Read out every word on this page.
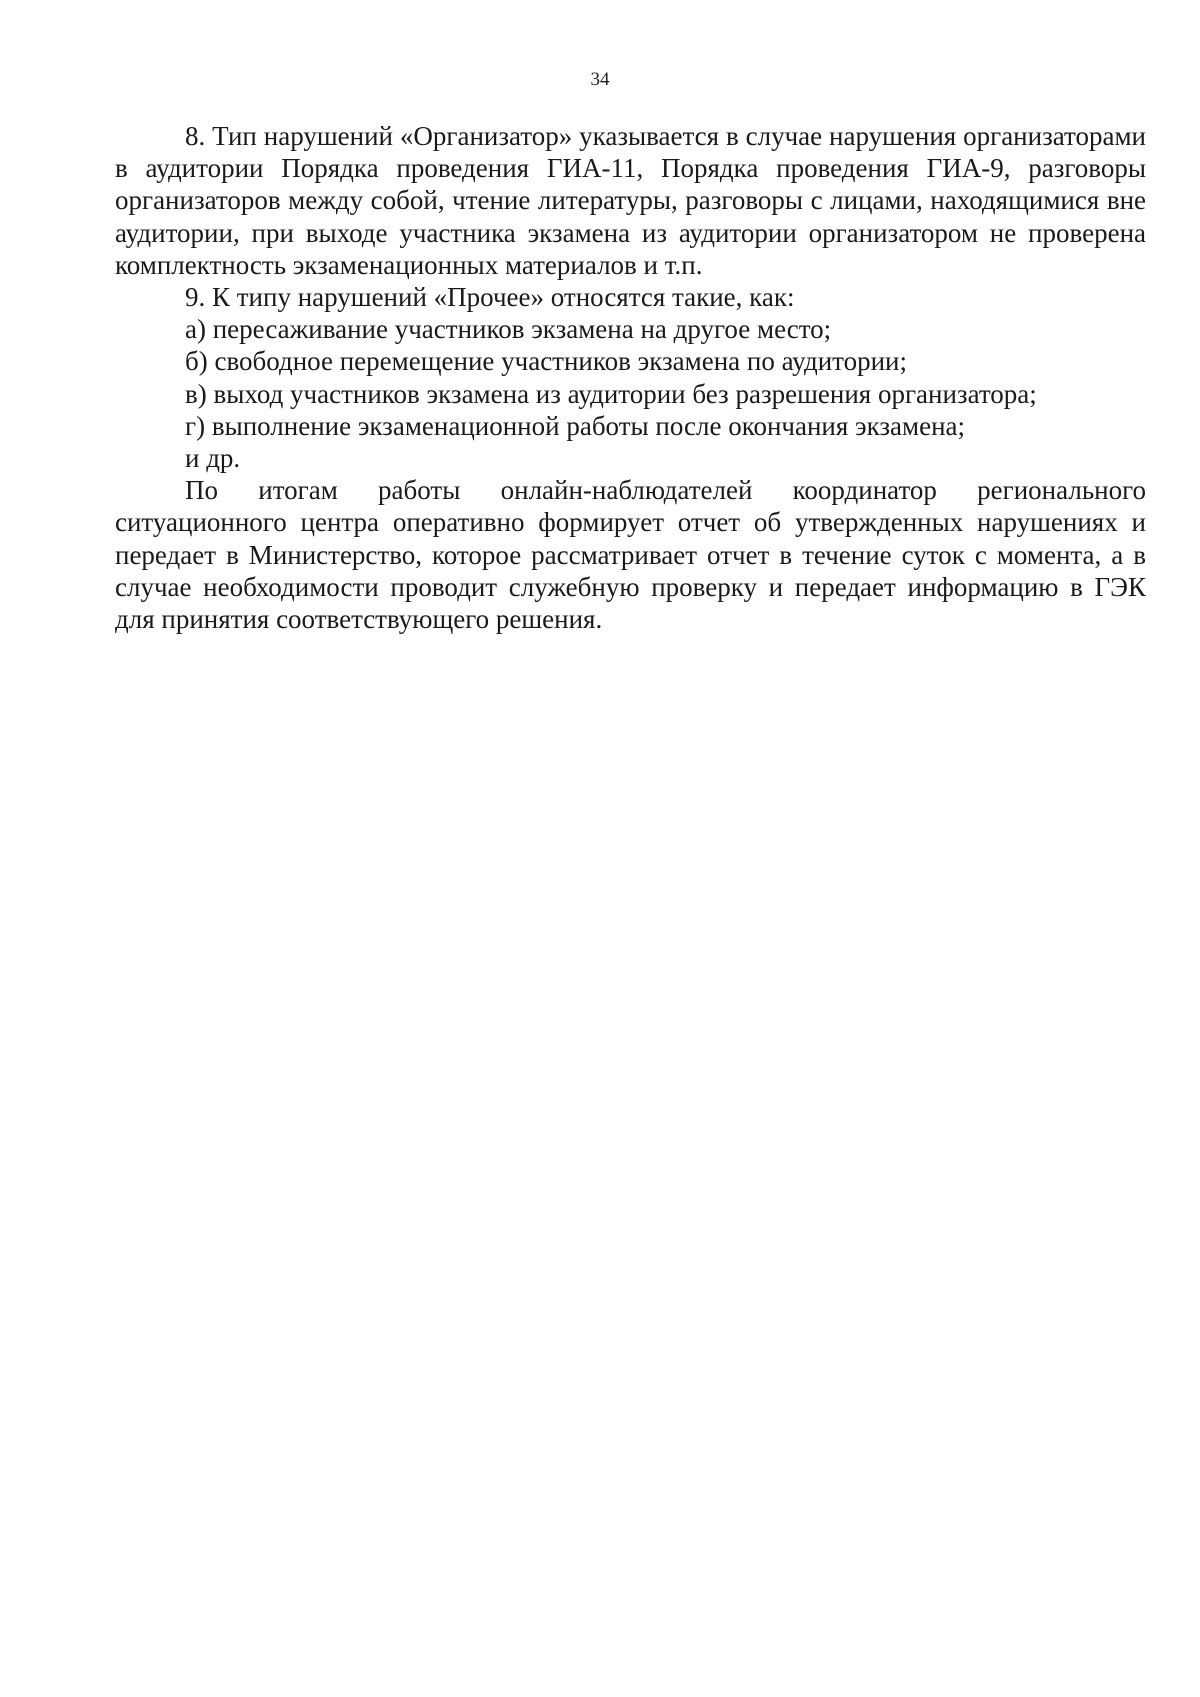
34

8. Тип нарушений «Организатор» указывается в случае нарушения организаторами в аудитории Порядка проведения ГИА-11, Порядка проведения ГИА-9, разговоры организаторов между собой, чтение литературы, разговоры с лицами, находящимися вне аудитории, при выходе участника экзамена из аудитории организатором не проверена комплектность экзаменационных материалов и т.п.

9. К типу нарушений «Прочее» относятся такие, как:

а) пересаживание участников экзамена на другое место;

б) свободное перемещение участников экзамена по аудитории;

в) выход участников экзамена из аудитории без разрешения организатора;

г) выполнение экзаменационной работы после окончания экзамена;

и др.

По итогам работы онлайн-наблюдателей координатор регионального ситуационного центра оперативно формирует отчет об утвержденных нарушениях и передает в Министерство, которое рассматривает отчет в течение суток с момента, а в случае необходимости проводит служебную проверку и передает информацию в ГЭК для принятия соответствующего решения.
